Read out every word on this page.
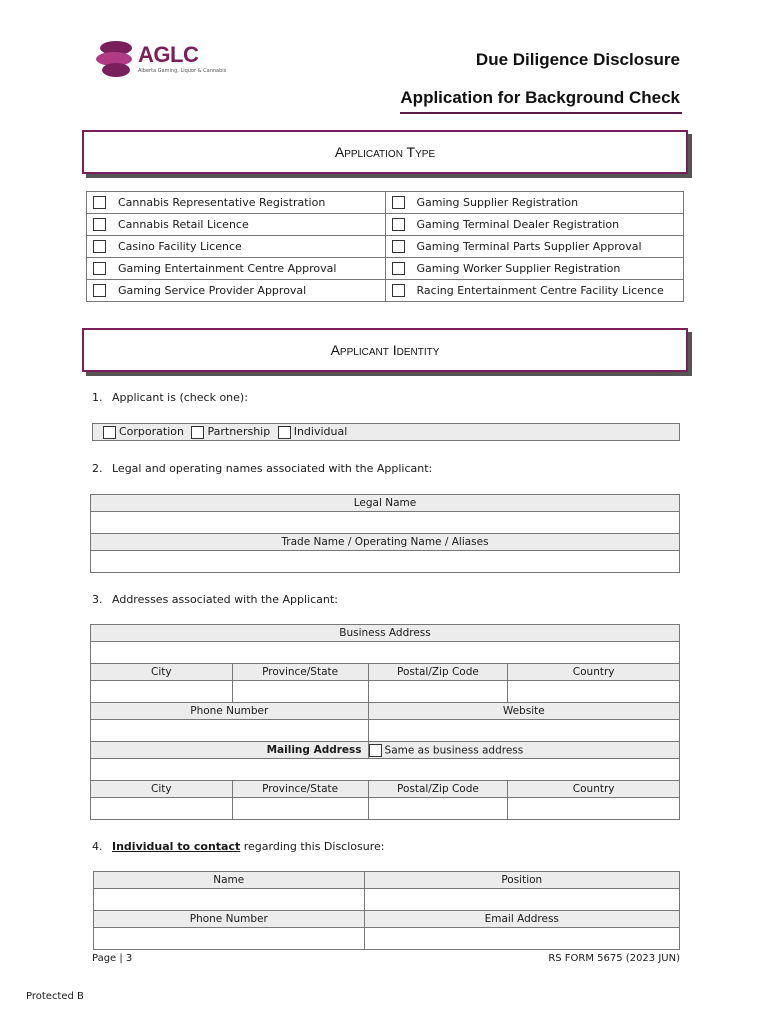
AGLC
Alberta Gaming, Liquor & Cannabis
Due Diligence Disclosure
Application for Background Check
Application Type
Cannabis Representative Registration	Gaming Supplier Registration
Cannabis Retail Licence	Gaming Terminal Dealer Registration
Casino Facility Licence	Gaming Terminal Parts Supplier Approval
Gaming Entertainment Centre Approval	Gaming Worker Supplier Registration
Gaming Service Provider Approval	Racing Entertainment Centre Facility Licence
Applicant Identity
1. Applicant is (check one):
Corporation Partnership Individual
2. Legal and operating names associated with the Applicant:
Legal Name

Trade Name / Operating Name / Aliases

3. Addresses associated with the Applicant:
Business Address			

City	Province/State	Postal/Zip Code	Country

Phone Number		Website	

Mailing Address		Same as business address	

City	Province/State	Postal/Zip Code	Country

4. Individual to contact regarding this Disclosure:
Name	Position

Phone Number	Email Address

Page | 3	RS FORM 5675 (2023 JUN)
Protected B
